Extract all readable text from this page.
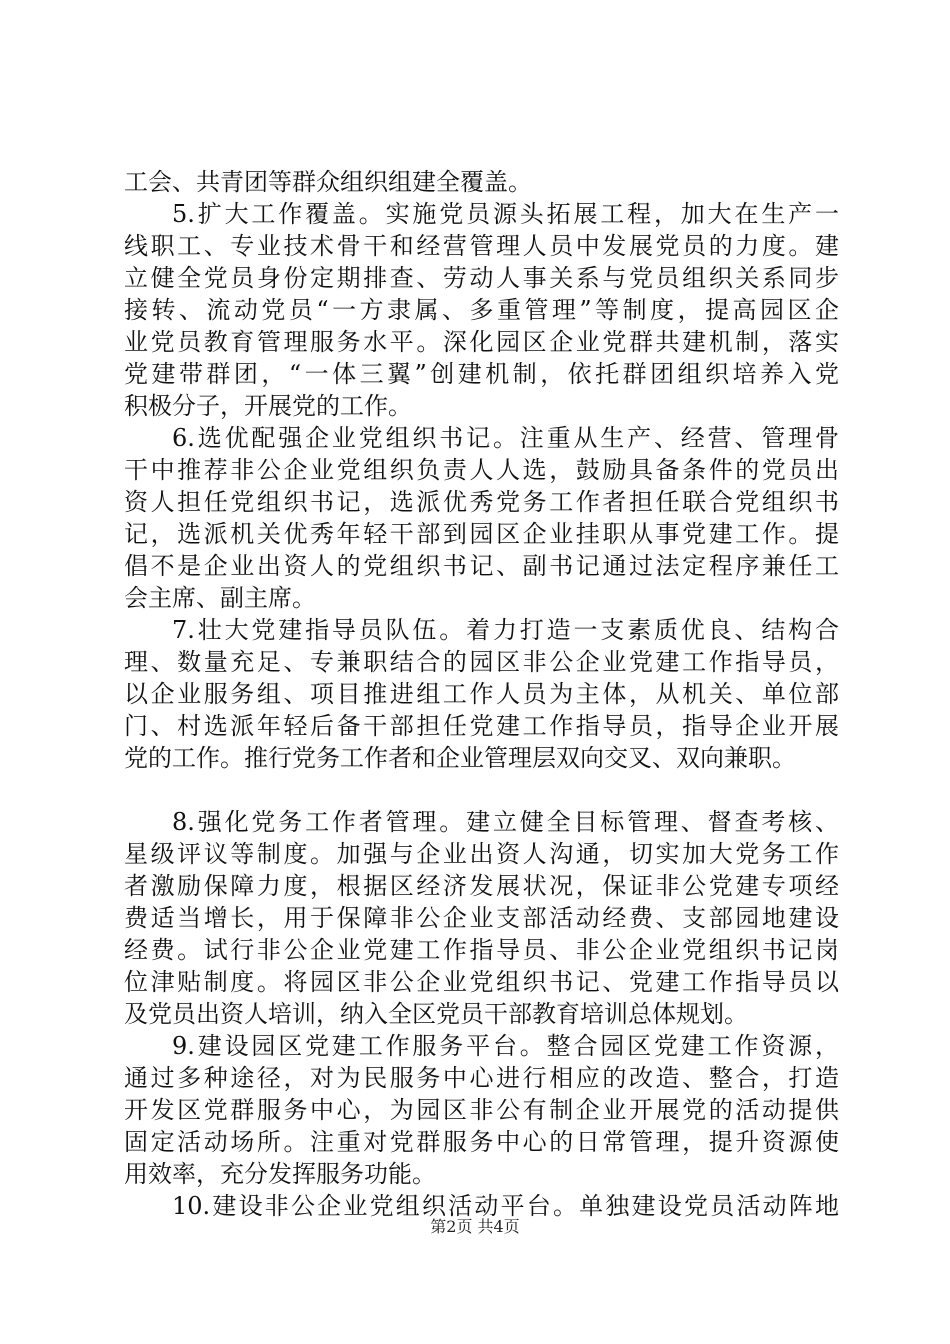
工会、共青团等群众组织组建全覆盖。
5.扩大工作覆盖。实施党员源头拓展工程，加大在生产一
线职工、专业技术骨干和经营管理人员中发展党员的力度。建
立健全党员身份定期排查、劳动人事关系与党员组织关系同步
接转、流动党员“一方隶属、多重管理”等制度，提高园区企
业党员教育管理服务水平。深化园区企业党群共建机制，落实
党建带群团，“一体三翼”创建机制，依托群团组织培养入党
积极分子，开展党的工作。
6.选优配强企业党组织书记。注重从生产、经营、管理骨
干中推荐非公企业党组织负责人人选，鼓励具备条件的党员出
资人担任党组织书记，选派优秀党务工作者担任联合党组织书
记，选派机关优秀年轻干部到园区企业挂职从事党建工作。提
倡不是企业出资人的党组织书记、副书记通过法定程序兼任工
会主席、副主席。
7.壮大党建指导员队伍。着力打造一支素质优良、结构合
理、数量充足、专兼职结合的园区非公企业党建工作指导员，
以企业服务组、项目推进组工作人员为主体，从机关、单位部
门、村选派年轻后备干部担任党建工作指导员，指导企业开展
党的工作。推行党务工作者和企业管理层双向交叉、双向兼职。
8.强化党务工作者管理。建立健全目标管理、督查考核、
星级评议等制度。加强与企业出资人沟通，切实加大党务工作
者激励保障力度，根据区经济发展状况，保证非公党建专项经
费适当增长，用于保障非公企业支部活动经费、支部园地建设
经费。试行非公企业党建工作指导员、非公企业党组织书记岗
位津贴制度。将园区非公企业党组织书记、党建工作指导员以
及党员出资人培训，纳入全区党员干部教育培训总体规划。
9.建设园区党建工作服务平台。整合园区党建工作资源，
通过多种途径，对为民服务中心进行相应的改造、整合，打造
开发区党群服务中心，为园区非公有制企业开展党的活动提供
固定活动场所。注重对党群服务中心的日常管理，提升资源使
用效率，充分发挥服务功能。
10.建设非公企业党组织活动平台。单独建设党员活动阵地
第2页 共4页
